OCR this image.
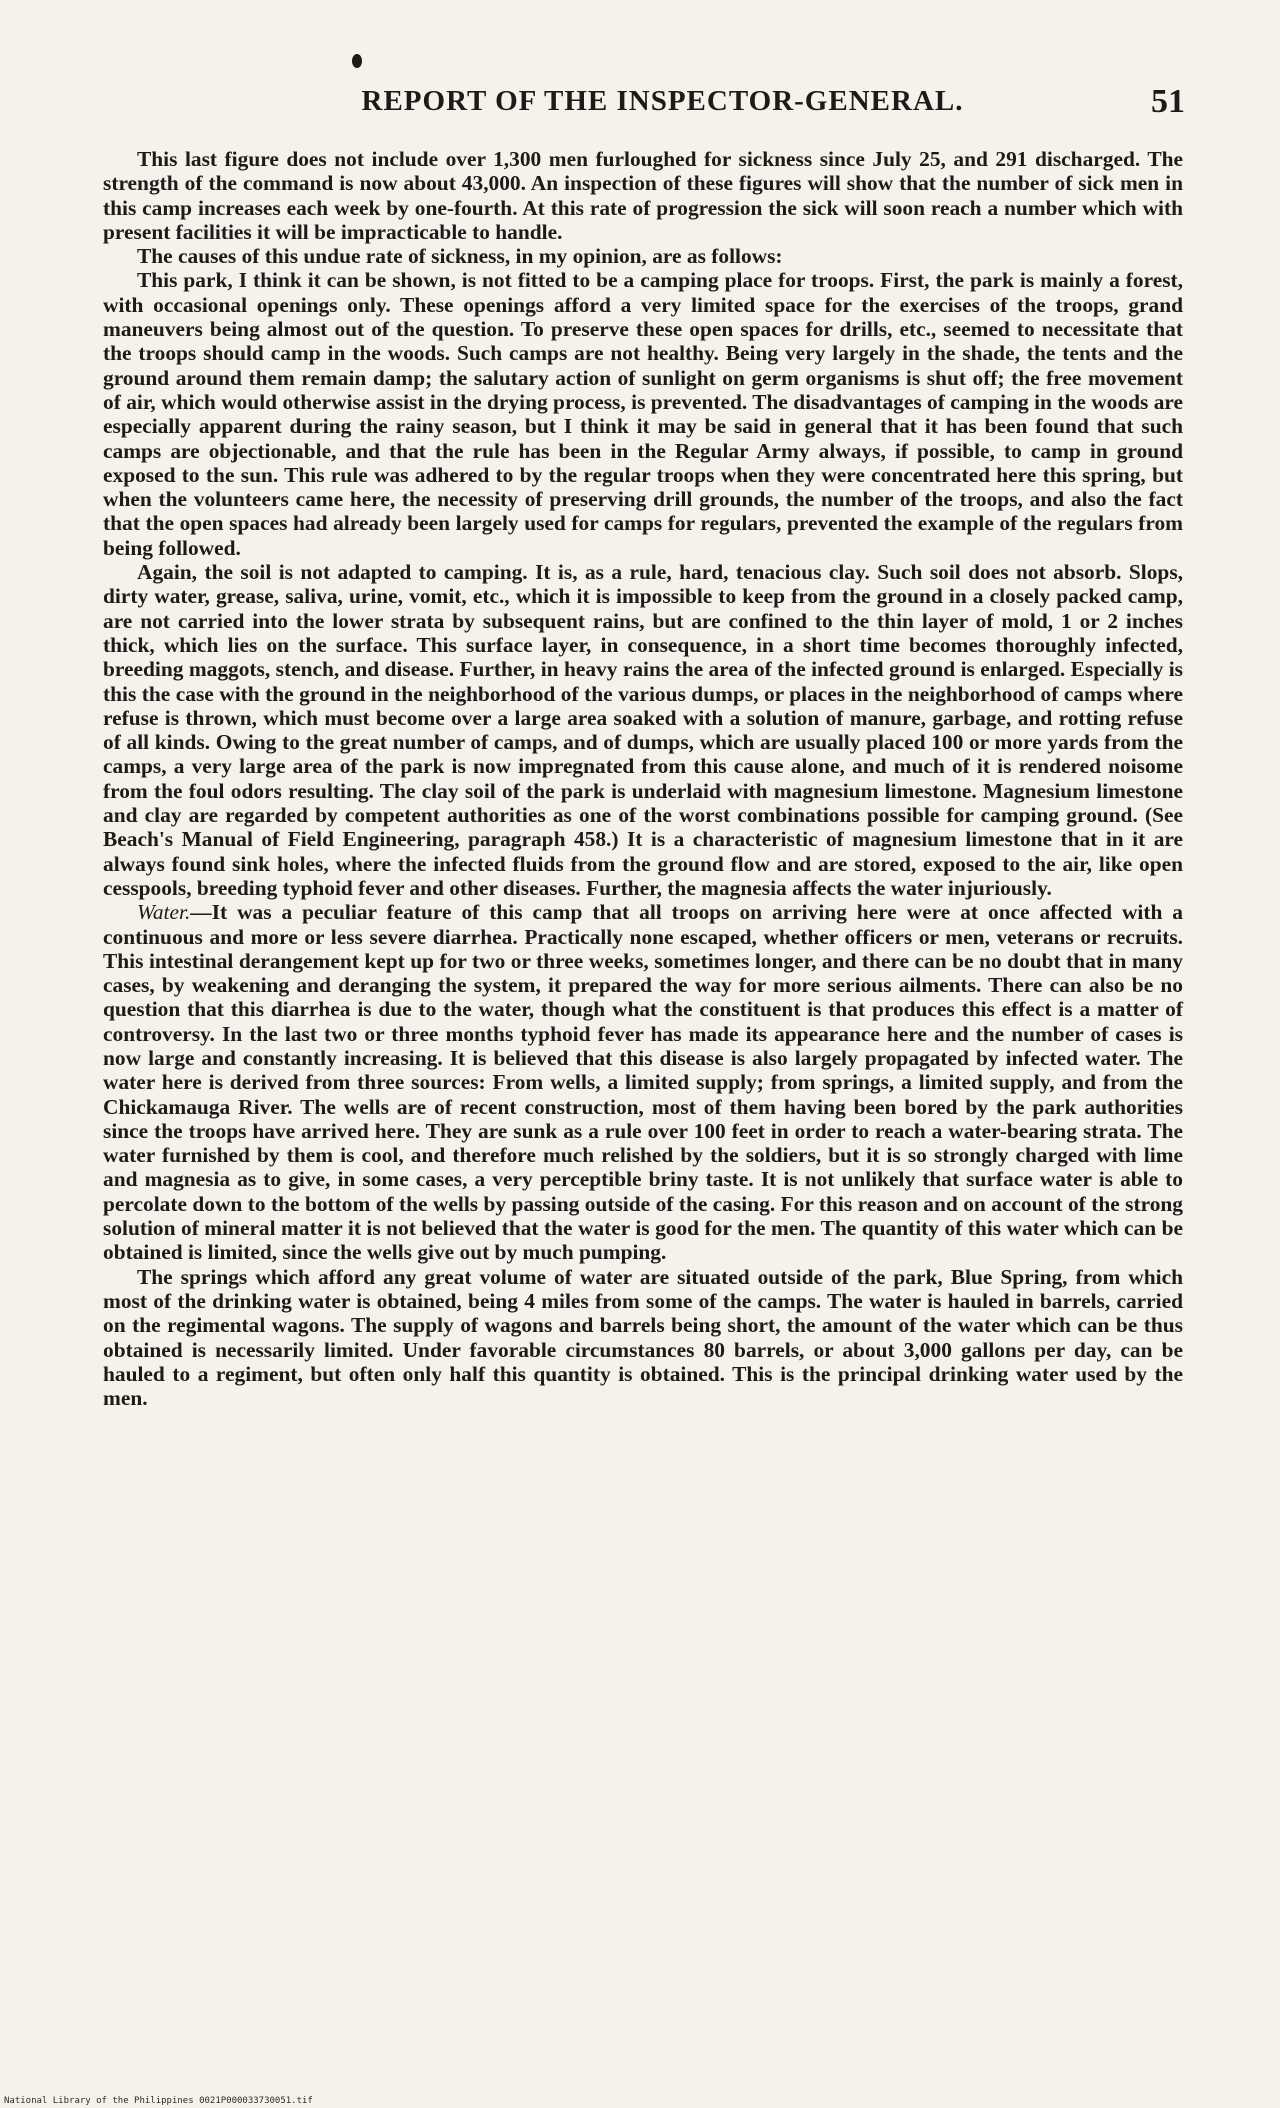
REPORT OF THE INSPECTOR-GENERAL.	51

This last figure does not include over 1,300 men furloughed for sickness since July 25, and 291 discharged. The strength of the command is now about 43,000. An inspection of these figures will show that the number of sick men in this camp increases each week by one-fourth. At this rate of progression the sick will soon reach a number which with present facilities it will be impracticable to handle.

The causes of this undue rate of sickness, in my opinion, are as follows:

This park, I think it can be shown, is not fitted to be a camping place for troops. First, the park is mainly a forest, with occasional openings only. These openings afford a very limited space for the exercises of the troops, grand maneuvers being almost out of the question. To preserve these open spaces for drills, etc., seemed to necessitate that the troops should camp in the woods. Such camps are not healthy. Being very largely in the shade, the tents and the ground around them remain damp; the salutary action of sunlight on germ organisms is shut off; the free movement of air, which would otherwise assist in the drying process, is prevented. The disadvantages of camping in the woods are especially apparent during the rainy season, but I think it may be said in general that it has been found that such camps are objectionable, and that the rule has been in the Regular Army always, if possible, to camp in ground exposed to the sun. This rule was adhered to by the regular troops when they were concentrated here this spring, but when the volunteers came here, the necessity of preserving drill grounds, the number of the troops, and also the fact that the open spaces had already been largely used for camps for regulars, prevented the example of the regulars from being followed.

Again, the soil is not adapted to camping. It is, as a rule, hard, tenacious clay. Such soil does not absorb. Slops, dirty water, grease, saliva, urine, vomit, etc., which it is impossible to keep from the ground in a closely packed camp, are not carried into the lower strata by subsequent rains, but are confined to the thin layer of mold, 1 or 2 inches thick, which lies on the surface. This surface layer, in consequence, in a short time becomes thoroughly infected, breeding maggots, stench, and disease. Further, in heavy rains the area of the infected ground is enlarged. Especially is this the case with the ground in the neighborhood of the various dumps, or places in the neighborhood of camps where refuse is thrown, which must become over a large area soaked with a solution of manure, garbage, and rotting refuse of all kinds. Owing to the great number of camps, and of dumps, which are usually placed 100 or more yards from the camps, a very large area of the park is now impregnated from this cause alone, and much of it is rendered noisome from the foul odors resulting. The clay soil of the park is underlaid with magnesium limestone. Magnesium limestone and clay are regarded by competent authorities as one of the worst combinations possible for camping ground. (See Beach's Manual of Field Engineering, paragraph 458.) It is a characteristic of magnesium limestone that in it are always found sink holes, where the infected fluids from the ground flow and are stored, exposed to the air, like open cesspools, breeding typhoid fever and other diseases. Further, the magnesia affects the water injuriously.

Water.—It was a peculiar feature of this camp that all troops on arriving here were at once affected with a continuous and more or less severe diarrhea. Practically none escaped, whether officers or men, veterans or recruits. This intestinal derangement kept up for two or three weeks, sometimes longer, and there can be no doubt that in many cases, by weakening and deranging the system, it prepared the way for more serious ailments. There can also be no question that this diarrhea is due to the water, though what the constituent is that produces this effect is a matter of controversy. In the last two or three months typhoid fever has made its appearance here and the number of cases is now large and constantly increasing. It is believed that this disease is also largely propagated by infected water. The water here is derived from three sources: From wells, a limited supply; from springs, a limited supply, and from the Chickamauga River. The wells are of recent construction, most of them having been bored by the park authorities since the troops have arrived here. They are sunk as a rule over 100 feet in order to reach a water-bearing strata. The water furnished by them is cool, and therefore much relished by the soldiers, but it is so strongly charged with lime and magnesia as to give, in some cases, a very perceptible briny taste. It is not unlikely that surface water is able to percolate down to the bottom of the wells by passing outside of the casing. For this reason and on account of the strong solution of mineral matter it is not believed that the water is good for the men. The quantity of this water which can be obtained is limited, since the wells give out by much pumping.

The springs which afford any great volume of water are situated outside of the park, Blue Spring, from which most of the drinking water is obtained, being 4 miles from some of the camps. The water is hauled in barrels, carried on the regimental wagons. The supply of wagons and barrels being short, the amount of the water which can be thus obtained is necessarily limited. Under favorable circumstances 80 barrels, or about 3,000 gallons per day, can be hauled to a regiment, but often only half this quantity is obtained. This is the principal drinking water used by the men.

National Library of the Philippines 0021P000033730051.tif
